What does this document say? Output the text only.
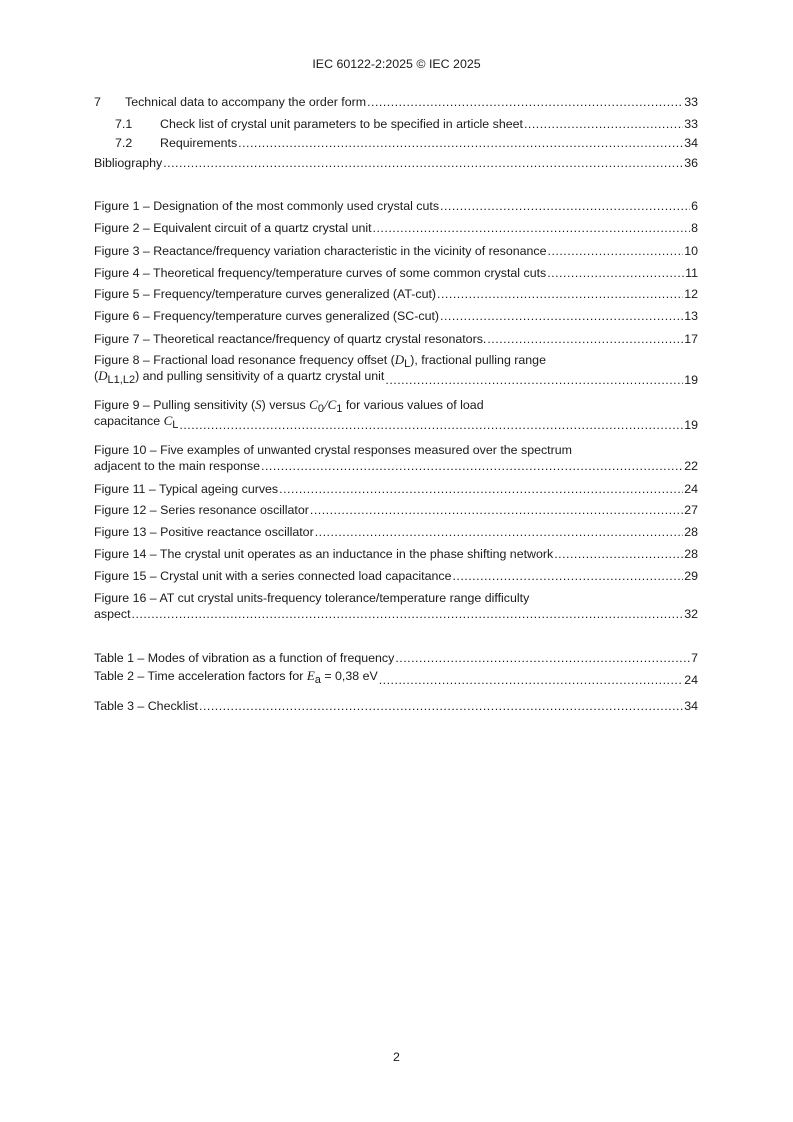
IEC 60122-2:2025 © IEC 2025
7 Technical data to accompany the order form .....	33
7.1 Check list of crystal unit parameters to be specified in article sheet .....	33
7.2 Requirements .....	34
Bibliography .....	36
Figure 1 – Designation of the most commonly used crystal cuts .....	6
Figure 2 – Equivalent circuit of a quartz crystal unit .....	8
Figure 3 – Reactance/frequency variation characteristic in the vicinity of resonance .....	10
Figure 4 – Theoretical frequency/temperature curves of some common crystal cuts .....	11
Figure 5 – Frequency/temperature curves generalized (AT-cut) .....	12
Figure 6 – Frequency/temperature curves generalized (SC-cut) .....	13
Figure 7 – Theoretical reactance/frequency of quartz crystal resonators. .....	17
Figure 8 – Fractional load resonance frequency offset (DL), fractional pulling range
(DL1,L2) and pulling sensitivity of a quartz crystal unit .....	19
Figure 9 – Pulling sensitivity (S) versus C0/C1 for various values of load
capacitance CL .....	19
Figure 10 – Five examples of unwanted crystal responses measured over the spectrum
adjacent to the main response .....	22
Figure 11 – Typical ageing curves .....	24
Figure 12 – Series resonance oscillator .....	27
Figure 13 – Positive reactance oscillator .....	28
Figure 14 – The crystal unit operates as an inductance in the phase shifting network .....	28
Figure 15 – Crystal unit with a series connected load capacitance .....	29
Figure 16 – AT cut crystal units-frequency tolerance/temperature range difficulty
aspect .....	32
Table 1 – Modes of vibration as a function of frequency .....	7
Table 2 – Time acceleration factors for Ea = 0,38 eV .....	24
Table 3 – Checklist .....	34
2
